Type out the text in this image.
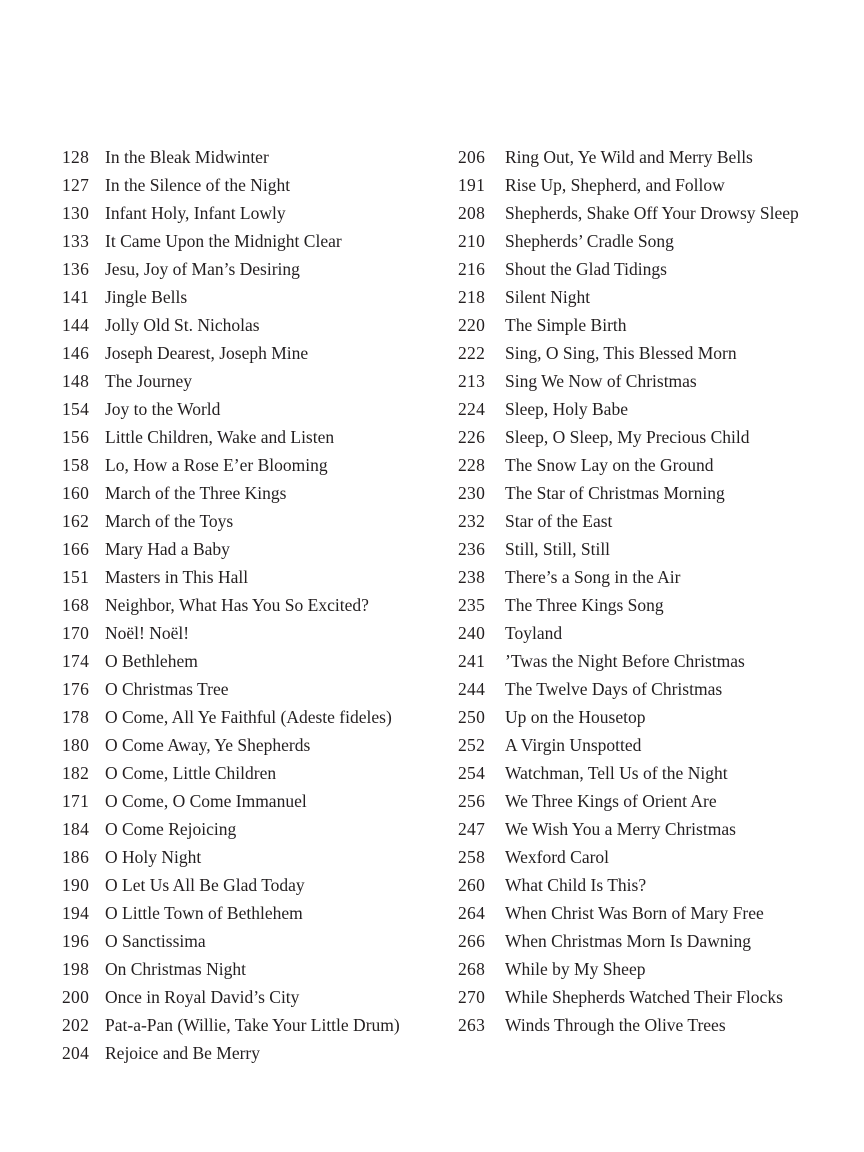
128 In the Bleak Midwinter
127 In the Silence of the Night
130 Infant Holy, Infant Lowly
133 It Came Upon the Midnight Clear
136 Jesu, Joy of Man’s Desiring
141 Jingle Bells
144 Jolly Old St. Nicholas
146 Joseph Dearest, Joseph Mine
148 The Journey
154 Joy to the World
156 Little Children, Wake and Listen
158 Lo, How a Rose E’er Blooming
160 March of the Three Kings
162 March of the Toys
166 Mary Had a Baby
151 Masters in This Hall
168 Neighbor, What Has You So Excited?
170 Noël! Noël!
174 O Bethlehem
176 O Christmas Tree
178 O Come, All Ye Faithful (Adeste fideles)
180 O Come Away, Ye Shepherds
182 O Come, Little Children
171 O Come, O Come Immanuel
184 O Come Rejoicing
186 O Holy Night
190 O Let Us All Be Glad Today
194 O Little Town of Bethlehem
196 O Sanctissima
198 On Christmas Night
200 Once in Royal David’s City
202 Pat-a-Pan (Willie, Take Your Little Drum)
204 Rejoice and Be Merry
206	Ring Out, Ye Wild and Merry Bells
191	Rise Up, Shepherd, and Follow
208	Shepherds, Shake Off Your Drowsy Sleep
210	Shepherds’ Cradle Song
216	Shout the Glad Tidings
218	Silent Night
220	The Simple Birth
222	Sing, O Sing, This Blessed Morn
213	Sing We Now of Christmas
224	Sleep, Holy Babe
226	Sleep, O Sleep, My Precious Child
228	The Snow Lay on the Ground
230	The Star of Christmas Morning
232	Star of the East
236	Still, Still, Still
238	There’s a Song in the Air
235	The Three Kings Song
240	Toyland
241	’Twas the Night Before Christmas
244	The Twelve Days of Christmas
250	Up on the Housetop
252	A Virgin Unspotted
254	Watchman, Tell Us of the Night
256	We Three Kings of Orient Are
247	We Wish You a Merry Christmas
258	Wexford Carol
260	What Child Is This?
264	When Christ Was Born of Mary Free
266	When Christmas Morn Is Dawning
268	While by My Sheep
270	While Shepherds Watched Their Flocks
263	Winds Through the Olive Trees
